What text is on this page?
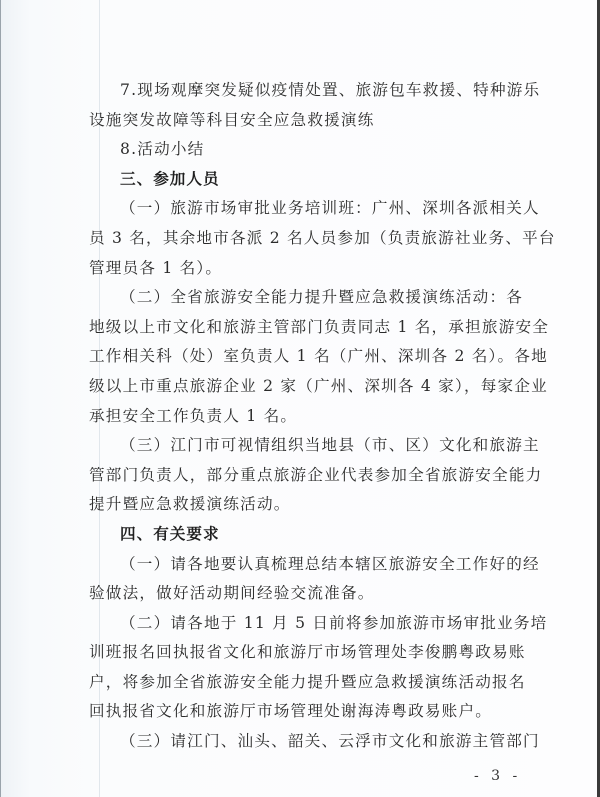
7.现场观摩突发疑似疫情处置、旅游包车救援、特种游乐
设施突发故障等科目安全应急救援演练
8.活动小结
三、参加人员
（一）旅游市场审批业务培训班：广州、深圳各派相关人
员 3 名，其余地市各派 2 名人员参加（负责旅游社业务、平台
管理员各 1 名）。
（二）全省旅游安全能力提升暨应急救援演练活动：各
地级以上市文化和旅游主管部门负责同志 1 名，承担旅游安全
工作相关科（处）室负责人 1 名（广州、深圳各 2 名）。各地
级以上市重点旅游企业 2 家（广州、深圳各 4 家），每家企业
承担安全工作负责人 1 名。
（三）江门市可视情组织当地县（市、区）文化和旅游主
管部门负责人，部分重点旅游企业代表参加全省旅游安全能力
提升暨应急救援演练活动。
四、有关要求
（一）请各地要认真梳理总结本辖区旅游安全工作好的经
验做法，做好活动期间经验交流准备。
（二）请各地于 11 月 5 日前将参加旅游市场审批业务培
训班报名回执报省文化和旅游厅市场管理处李俊鹏粤政易账
户，将参加全省旅游安全能力提升暨应急救援演练活动报名
回执报省文化和旅游厅市场管理处谢海涛粤政易账户。
（三）请江门、汕头、韶关、云浮市文化和旅游主管部门
- 3 -
